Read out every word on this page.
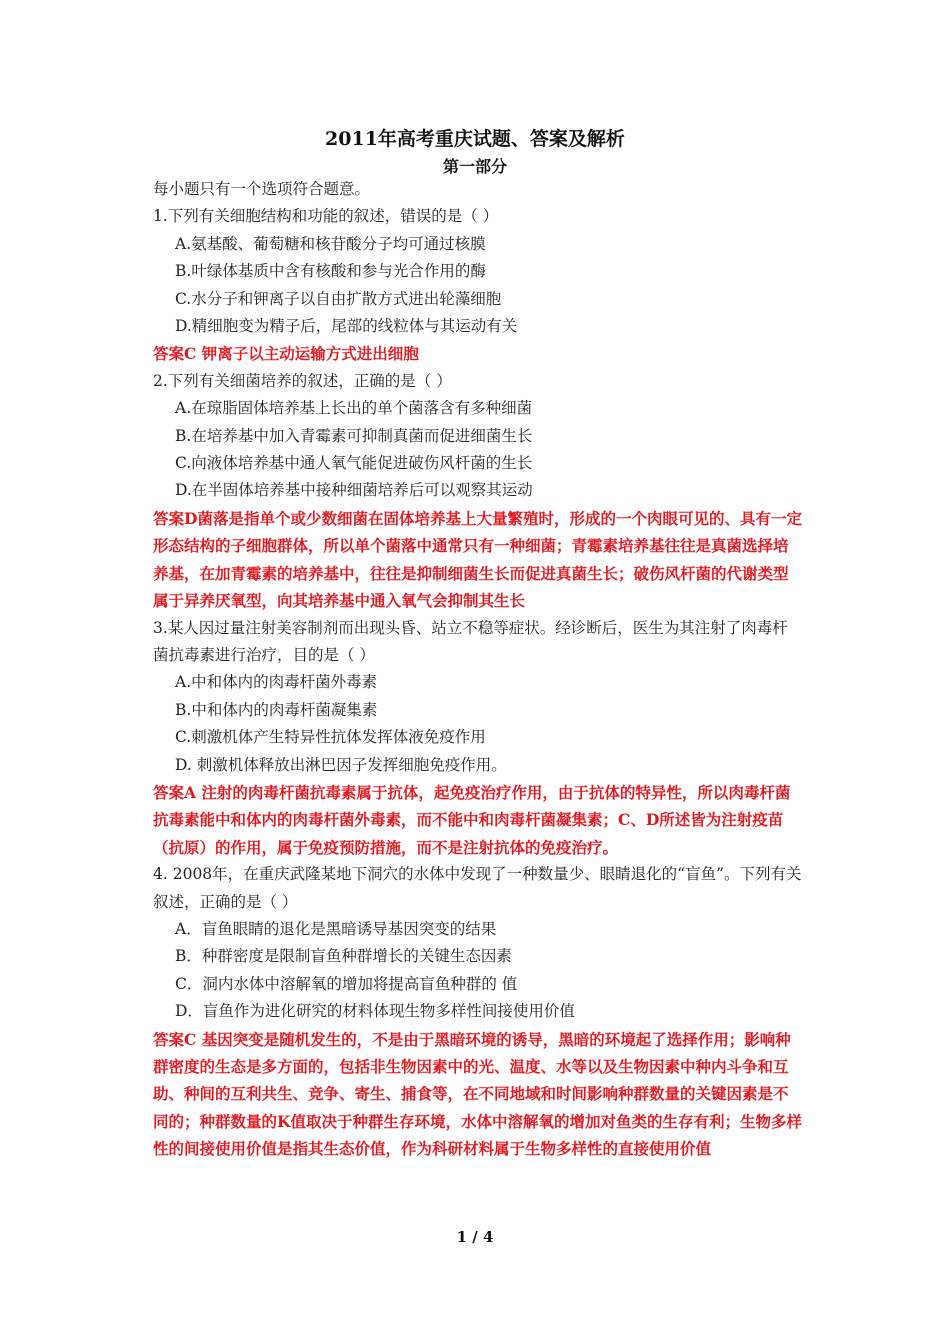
2011年高考重庆试题、答案及解析
第一部分

每小题只有一个选项符合题意。

1.下列有关细胞结构和功能的叙述，错误的是（ ）

A.氨基酸、葡萄糖和核苷酸分子均可通过核膜

B.叶绿体基质中含有核酸和参与光合作用的酶

C.水分子和钾离子以自由扩散方式进出轮藻细胞

D.精细胞变为精子后，尾部的线粒体与其运动有关

答案C 钾离子以主动运输方式进出细胞

2.下列有关细菌培养的叙述，正确的是（ ）

A.在琼脂固体培养基上长出的单个菌落含有多种细菌

B.在培养基中加入青霉素可抑制真菌而促进细菌生长

C.向液体培养基中通人氧气能促进破伤风杆菌的生长

D.在半固体培养基中接种细菌培养后可以观察其运动

答案D菌落是指单个或少数细菌在固体培养基上大量繁殖时，形成的一个肉眼可见的、具有一定形态结构的子细胞群体，所以单个菌落中通常只有一种细菌；青霉素培养基往往是真菌选择培养基，在加青霉素的培养基中，往往是抑制细菌生长而促进真菌生长；破伤风杆菌的代谢类型属于异养厌氧型，向其培养基中通入氧气会抑制其生长

3.某人因过量注射美容制剂而出现头昏、站立不稳等症状。经诊断后，医生为其注射了肉毒杆菌抗毒素进行治疗，目的是（ ）

A.中和体内的肉毒杆菌外毒素

B.中和体内的肉毒杆菌凝集素

C.刺激机体产生特异性抗体发挥体液免疫作用

D. 刺激机体释放出淋巴因子发挥细胞免疫作用。

答案A 注射的肉毒杆菌抗毒素属于抗体，起免疫治疗作用，由于抗体的特异性，所以肉毒杆菌抗毒素能中和体内的肉毒杆菌外毒素，而不能中和肉毒杆菌凝集素；C、D所述皆为注射疫苗（抗原）的作用，属于免疫预防措施，而不是注射抗体的免疫治疗。

4. 2008年，在重庆武隆某地下洞穴的水体中发现了一种数量少、眼睛退化的“盲鱼”。下列有关叙述，正确的是（ ）

A．盲鱼眼睛的退化是黑暗诱导基因突变的结果

B．种群密度是限制盲鱼种群增长的关键生态因素

C．洞内水体中溶解氧的增加将提高盲鱼种群的 值

D．盲鱼作为进化研究的材料体现生物多样性间接使用价值

答案C 基因突变是随机发生的，不是由于黑暗环境的诱导，黑暗的环境起了选择作用；影响种群密度的生态是多方面的，包括非生物因素中的光、温度、水等以及生物因素中种内斗争和互助、种间的互利共生、竞争、寄生、捕食等，在不同地域和时间影响种群数量的关键因素是不同的；种群数量的K值取决于种群生存环境，水体中溶解氧的增加对鱼类的生存有利；生物多样性的间接使用价值是指其生态价值，作为科研材料属于生物多样性的直接使用价值

1 / 4
